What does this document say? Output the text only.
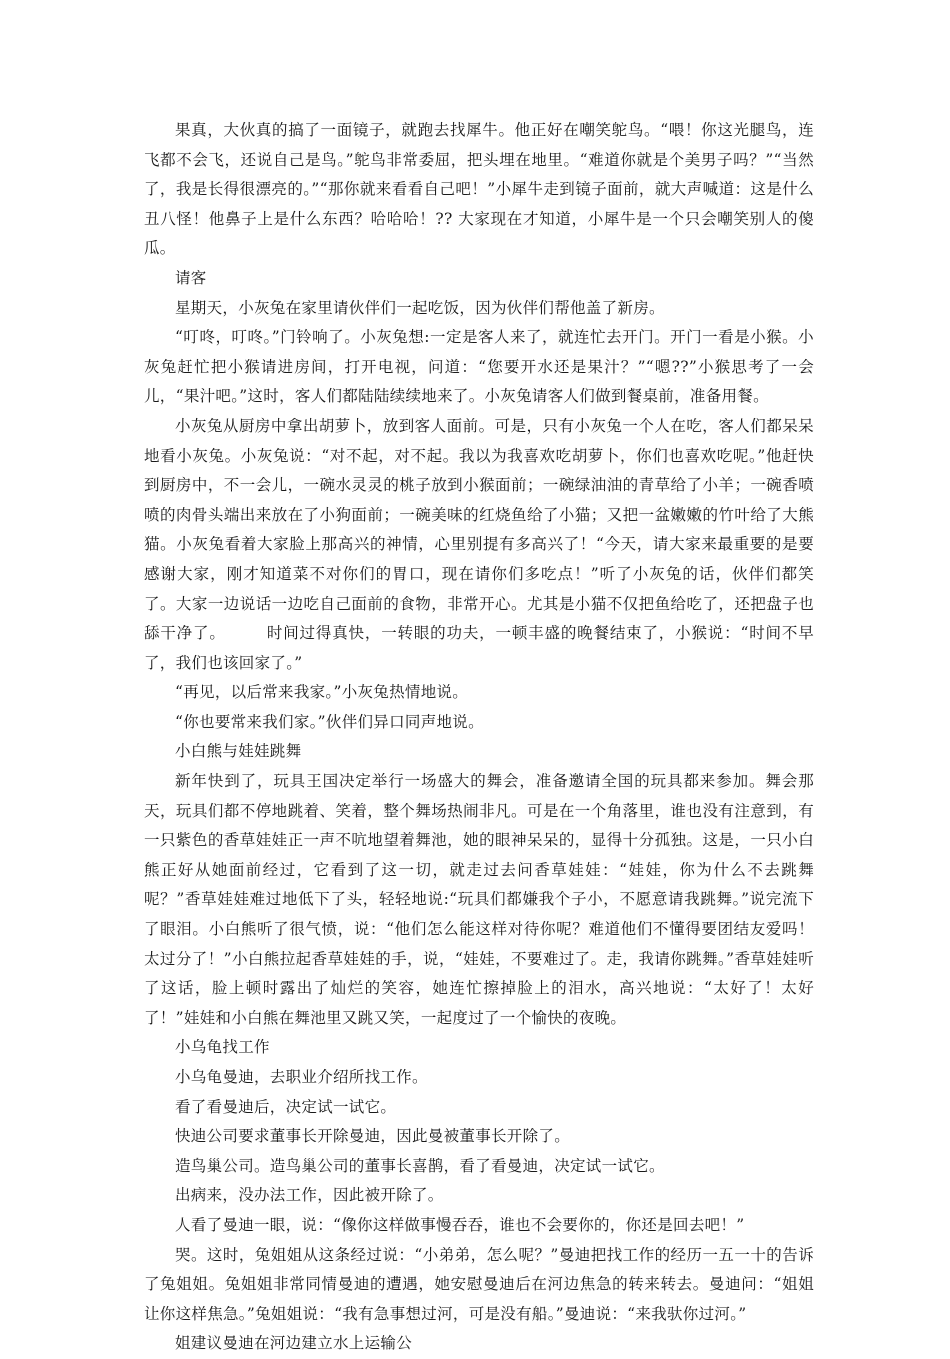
果真，大伙真的搞了一面镜子，就跑去找犀牛。他正好在嘲笑鸵鸟。“喂！你这光腿鸟，连飞都不会飞，还说自己是鸟。”鸵鸟非常委屈，把头埋在地里。“难道你就是个美男子吗？”“当然了，我是长得很漂亮的。”“那你就来看看自己吧！”小犀牛走到镜子面前，就大声喊道：这是什么丑八怪！他鼻子上是什么东西？哈哈哈！?? 大家现在才知道，小犀牛是一个只会嘲笑别人的傻瓜。

请客

星期天，小灰兔在家里请伙伴们一起吃饭，因为伙伴们帮他盖了新房。

“叮咚，叮咚。”门铃响了。小灰兔想:一定是客人来了，就连忙去开门。开门一看是小猴。小灰兔赶忙把小猴请进房间，打开电视，问道：“您要开水还是果汁？”“嗯??”小猴思考了一会儿，“果汁吧。”这时，客人们都陆陆续续地来了。小灰兔请客人们做到餐桌前，准备用餐。

小灰兔从厨房中拿出胡萝卜，放到客人面前。可是，只有小灰兔一个人在吃，客人们都呆呆地看小灰兔。小灰兔说：“对不起，对不起。我以为我喜欢吃胡萝卜，你们也喜欢吃呢。”他赶快到厨房中，不一会儿，一碗水灵灵的桃子放到小猴面前；一碗绿油油的青草给了小羊；一碗香喷喷的肉骨头端出来放在了小狗面前；一碗美味的红烧鱼给了小猫；又把一盆嫩嫩的竹叶给了大熊猫。小灰兔看着大家脸上那高兴的神情，心里别提有多高兴了！“今天，请大家来最重要的是要感谢大家，刚才知道菜不对你们的胃口，现在请你们多吃点！”听了小灰兔的话，伙伴们都笑了。大家一边说话一边吃自己面前的食物，非常开心。尤其是小猫不仅把鱼给吃了，还把盘子也舔干净了。　　　时间过得真快，一转眼的功夫，一顿丰盛的晚餐结束了，小猴说：“时间不早了，我们也该回家了。”

“再见，以后常来我家。”小灰兔热情地说。

“你也要常来我们家。”伙伴们异口同声地说。

小白熊与娃娃跳舞

新年快到了，玩具王国决定举行一场盛大的舞会，准备邀请全国的玩具都来参加。舞会那天，玩具们都不停地跳着、笑着，整个舞场热闹非凡。可是在一个角落里，谁也没有注意到，有一只紫色的香草娃娃正一声不吭地望着舞池，她的眼神呆呆的，显得十分孤独。这是，一只小白熊正好从她面前经过，它看到了这一切，就走过去问香草娃娃：“娃娃，你为什么不去跳舞呢？”香草娃娃难过地低下了头，轻轻地说:“玩具们都嫌我个子小，不愿意请我跳舞。”说完流下了眼泪。小白熊听了很气愤，说：“他们怎么能这样对待你呢？难道他们不懂得要团结友爱吗！太过分了！”小白熊拉起香草娃娃的手，说，“娃娃，不要难过了。走，我请你跳舞。”香草娃娃听了这话，脸上顿时露出了灿烂的笑容，她连忙擦掉脸上的泪水，高兴地说：“太好了！太好了！”娃娃和小白熊在舞池里又跳又笑，一起度过了一个愉快的夜晚。

小乌龟找工作

小乌龟曼迪，去职业介绍所找工作。

看了看曼迪后，决定试一试它。

快迪公司要求董事长开除曼迪，因此曼被董事长开除了。

造鸟巢公司。造鸟巢公司的董事长喜鹊，看了看曼迪，决定试一试它。

出病来，没办法工作，因此被开除了。

人看了曼迪一眼，说：“像你这样做事慢吞吞，谁也不会要你的，你还是回去吧！”

哭。这时，兔姐姐从这条经过说：“小弟弟，怎么呢？”曼迪把找工作的经历一五一十的告诉了兔姐姐。兔姐姐非常同情曼迪的遭遇，她安慰曼迪后在河边焦急的转来转去。曼迪问：“姐姐让你这样焦急。”兔姐姐说：“我有急事想过河，可是没有船。”曼迪说：“来我驮你过河。”

姐建议曼迪在河边建立水上运输公
